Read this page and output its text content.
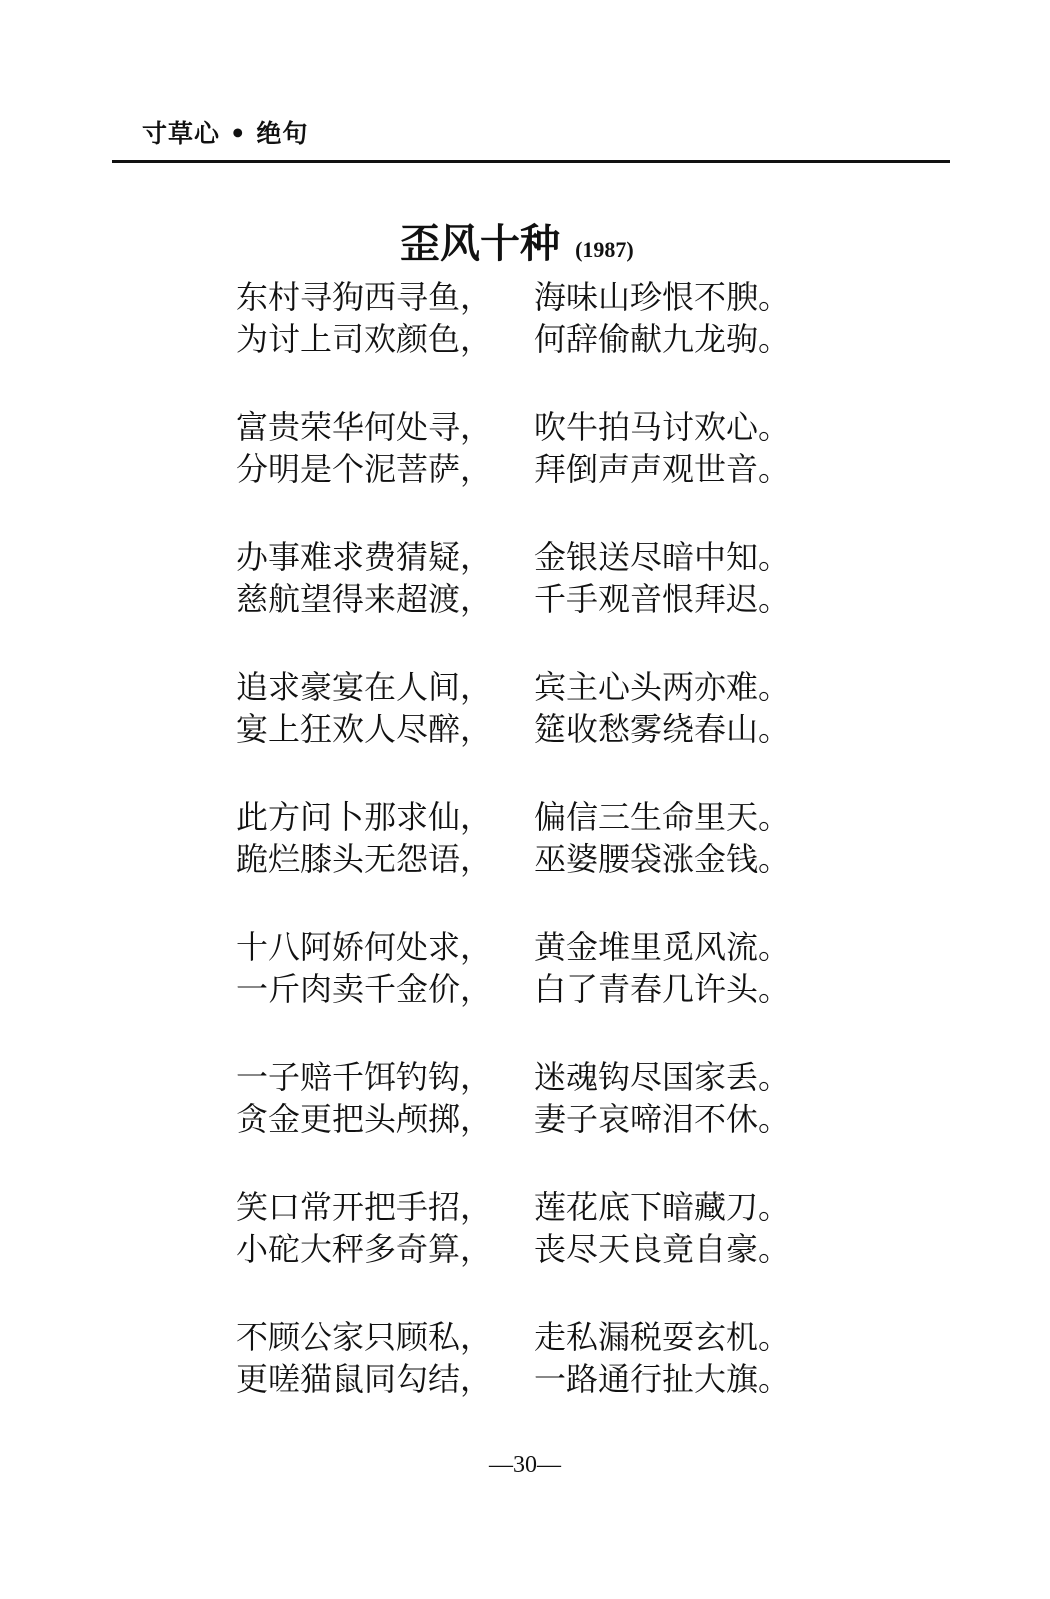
寸草心 • 绝句
歪风十种 (1987)
东村寻狗西寻鱼，	海味山珍恨不腴。
为讨上司欢颜色，	何辞偷献九龙驹。
富贵荣华何处寻，	吹牛拍马讨欢心。
分明是个泥菩萨，	拜倒声声观世音。
办事难求费猜疑，	金银送尽暗中知。
慈航望得来超渡，	千手观音恨拜迟。
追求豪宴在人间，	宾主心头两亦难。
宴上狂欢人尽醉，	筵收愁雾绕春山。
此方问卜那求仙，	偏信三生命里天。
跪烂膝头无怨语，	巫婆腰袋涨金钱。
十八阿娇何处求，	黄金堆里觅风流。
一斤肉卖千金价，	白了青春几许头。
一子赔千饵钓钩，	迷魂钩尽国家丢。
贪金更把头颅掷，	妻子哀啼泪不休。
笑口常开把手招，	莲花底下暗藏刀。
小砣大秤多奇算，	丧尽天良竟自豪。
不顾公家只顾私，	走私漏税耍玄机。
更嗟猫鼠同勾结，	一路通行扯大旗。
—30—
